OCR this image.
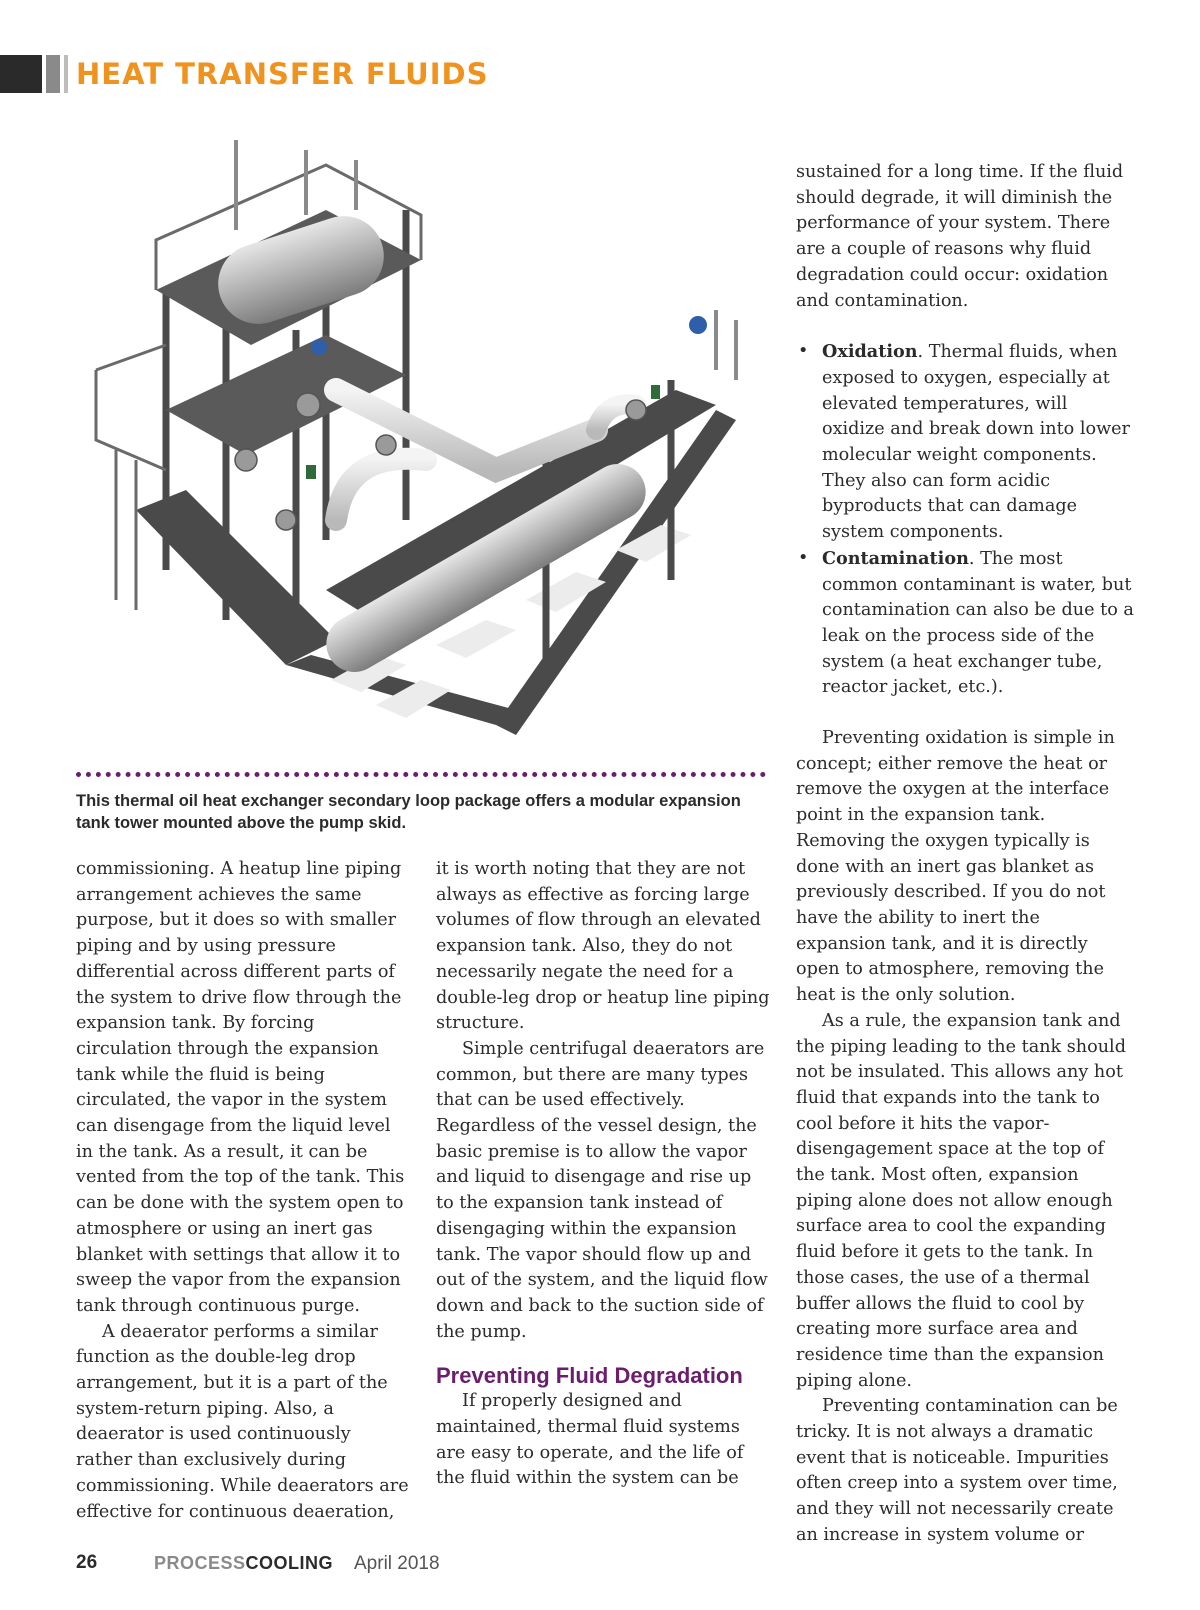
HEAT TRANSFER FLUIDS
This thermal oil heat exchanger secondary loop package offers a modular expansion tank tower mounted above the pump skid.

commissioning. A heatup line piping arrangement achieves the same purpose, but it does so with smaller piping and by using pressure differential across different parts of the system to drive flow through the expansion tank. By forcing circulation through the expansion tank while the fluid is being circulated, the vapor in the system can disengage from the liquid level in the tank. As a result, it can be vented from the top of the tank. This can be done with the system open to atmosphere or using an inert gas blanket with settings that allow it to sweep the vapor from the expansion tank through continuous purge.

A deaerator performs a similar function as the double-leg drop arrangement, but it is a part of the system-return piping. Also, a deaerator is used continuously rather than exclusively during commissioning. While deaerators are effective for continuous deaeration,

it is worth noting that they are not always as effective as forcing large volumes of flow through an elevated expansion tank. Also, they do not necessarily negate the need for a double-leg drop or heatup line piping structure.

Simple centrifugal deaerators are common, but there are many types that can be used effectively. Regardless of the vessel design, the basic premise is to allow the vapor and liquid to disengage and rise up to the expansion tank instead of disengaging within the expansion tank. The vapor should flow up and out of the system, and the liquid flow down and back to the suction side of the pump.

Preventing Fluid Degradation

If properly designed and maintained, thermal fluid systems are easy to operate, and the life of the fluid within the system can be

sustained for a long time. If the fluid should degrade, it will diminish the performance of your system. There are a couple of reasons why fluid degradation could occur: oxidation and contamination.

• Oxidation. Thermal fluids, when exposed to oxygen, especially at elevated temperatures, will oxidize and break down into lower molecular weight components. They also can form acidic byproducts that can damage system components.
• Contamination. The most common contaminant is water, but contamination can also be due to a leak on the process side of the system (a heat exchanger tube, reactor jacket, etc.).

Preventing oxidation is simple in concept; either remove the heat or remove the oxygen at the interface point in the expansion tank. Removing the oxygen typically is done with an inert gas blanket as previously described. If you do not have the ability to inert the expansion tank, and it is directly open to atmosphere, removing the heat is the only solution.

As a rule, the expansion tank and the piping leading to the tank should not be insulated. This allows any hot fluid that expands into the tank to cool before it hits the vapor-disengagement space at the top of the tank. Most often, expansion piping alone does not allow enough surface area to cool the expanding fluid before it gets to the tank. In those cases, the use of a thermal buffer allows the fluid to cool by creating more surface area and residence time than the expansion piping alone.

Preventing contamination can be tricky. It is not always a dramatic event that is noticeable. Impurities often creep into a system over time, and they will not necessarily create an increase in system volume or

26	PROCESSCOOLING April 2018
